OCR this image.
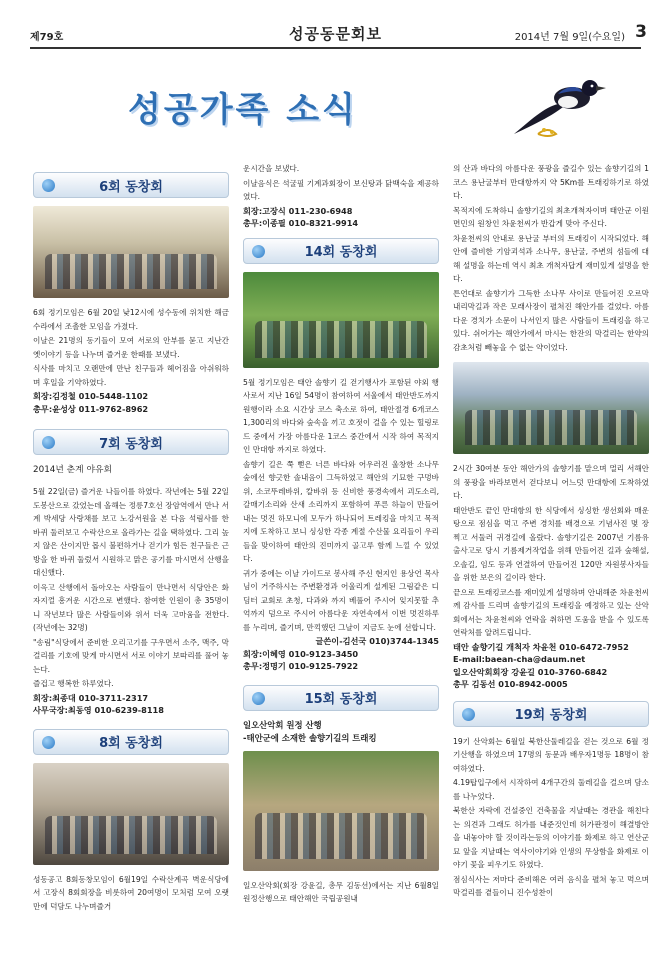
제79호	성공동문회보	2014년 7월 9일(수요일) 3
성공가족 소식
6회 동창회

6회 정기모임은 6월 20일 낮12시에 성수동에 위치한 해금수라에서 조촐한 모임을 가졌다.

이날은 21명의 동기들이 모여 서로의 안부를 묻고 지난간 옛이야기 등을 나누며 즐거운 한때를 보냈다.

식사를 마치고 오랜만에 만난 친구들과 헤어짐을 아쉬워하며 후일을 기약하였다.

회장:김정철 010-5448-1102

총무:윤성상 011-9762-8962

7회 동창회

2014년 춘계 야유회

5월 22일(금) 즐거운 나들이를 하였다. 작년에는 5월 22일 도봉산으로 갔었는데 올해는 정릉7호선 장암역에서 만나 서계 박세당 사랑채를 보고 노강서원을 본 다음 석림사를 한 바퀴 둘러보고 수락산으로 올라가는 길을 택하였다. 그리 높지 않은 산이지만 몹시 불편하거나 걷기가 힘든 친구들은 근방을 한 바퀴 둘렀서 시원하고 맑은 공기를 마시면서 산행을 대신했다.

이윽고 산행에서 돌아오는 사람들이 만나면서 식당안은 화자지껄 흥겨운 시간으로 변했다. 참여한 인원이 총 35명이니 작년보다 많은 사람들이와 위서 더욱 고마움을 전한다.(작년에는 32명)

"송림"식당에서 준비한 오리고기를 구우면서 소주, 맥주, 막걸리를 기호에 맞게 마시면서 서로 이야기 보따리를 풀어 놓는다.

즐겁고 행복한 하루였다.

회장:최종대 010-3711-2317

사무국장:최동영 010-6239-8118

8회 동창회

성동공고 8회동창모임이 6월19일 수락산계곡 벽운식당에서 고장식 8회회장을 비롯하여 20여명이 모처럼 모여 오랫만에 덕담도 나누며즐거

운시간을 보냈다.

이날음식은 석굴필 기계과회장이 보신탕과 닭백숙을 제공하였다.

회장:고장식 011-230-6948

총무:이종필 010-8321-9914

14회 동창회

5월 정기모임은 태안 솔향기 길 걷기행사가 포함된 야외 행사로서 지난 16일 54명이 참여하여 서울에서 태안반도까지 원행이라 소요 시간상 코스 축소로 하여, 태안절경 6개코스 1,300리의 바다와 숲속을 끼고 호젓이 걸을 수 있는 힐링로드 중에서 가장 아름다운 1코스 중간에서 시작 하여 목적지인 만대항 까지로 하였다.

솔향기 길은 쭉 뻗은 너른 바다와 어우러진 울창한 소나무 숲에선 향긋한 솔내음이 그득하였고 해안의 기묘한 구멍바위, 소코뚜레바위, 칼바위 등 신비한 풍경속에서 괴도소리, 갈매기소리와 산새 소리까지 포함하여 푸른 하늘이 만들어 내는 멋진 하모니에 모두가 하나되어 트레킹을 마치고 목적지에 도착하고 보니 싱싱한 각종 계절 수산물 요리들이 우리들을 맞이하여 태안의 진미까지 골고루 함께 느낄 수 있었다.

귀가 중에는 이날 가이드로 봉사해 주신 현지인 용상언 목사님이 거주하시는 주변환경과 어울리게 설계된 그림같은 디딤터 교회로 초청, 다과와 까지 베풀어 주시어 잊지못할 추억까지 덤으로 주시어 아름다운 자연속에서 이번 멋진하루를 누리며, 즐기며, 만끽했던 그날이 지금도 눈에 선합니다.

글쓴이-김선국 010)3744-1345

회장:이혜영 010-9123-3450

총무:정명기 010-9125-7922

15회 동창회

일오산악회 원정 산행

-태안군에 소재한 솔향기길의 트래킹

일오산악회(회장 강윤길, 총무 김동선)에서는 지난 6월8일 원정산행으로 태안해안 국립공원내

의 산과 바다의 아름다운 풍광을 즐길수 있는 솔향기길의 1코스 용난굴부터 만대항까지 약 5Km를 트래킹하기로 하였다.

목적지에 도착하니 솔향기길의 최초개척자이며 태안군 이원면민의 원창인 차윤천씨가 반갑게 맞아 주신다.

차윤천씨의 안내로 용난굴 부터의 트래킹이 시작되었다. 해안에 즐비한 기암괴석과 소나무, 용난굴, 주변의 섬들에 대해 설명을 하는데 역시 최초 개척자답게 재미있게 설명을 한다.

튼언대로 솔향기가 그득한 소나무 사이로 만들어진 오르막 내리막길과 작은 모래사장이 펼쳐진 해안가를 걸었다. 아름다운 경치가 소문이 나서인지 많은 사람들이 트래킹을 하고 있다. 쉬어가는 해안가에서 마시는 한잔의 막걸리는 한약의 감초처럼 빼놓을 수 없는 약이었다.

2시간 30여분 동안 해안가의 솔향기를 맡으며 멀리 서해안의 풍광을 바라보면서 걷다보니 어느덧 만대항에 도착하였다.

태안반도 끝인 만대항의 한 식당에서 싱싱한 생선회와 매운탕으로 점심을 먹고 주변 경치를 배경으로 기념사진 몇 장 찍고 서둘러 귀경길에 올랐다. 솔향기길은 2007년 기름유출사고로 당시 기름제거작업을 위해 만들어진 길과 숲해설, 오솔길, 임도 등과 연결하여 만들어진 120만 자원봉사자들을 위한 보은의 길이라 한다.

끝으로 트래킹코스를 재미있게 설명하며 안내해준 차윤천씨께 감사를 드리며 솔향기길의 트래킹을 예정하고 있는 산악회에서는 차윤천씨와 연락을 취하면 도움을 받을 수 있도록 연락처를 알려드립니다.

태안 솔향기길 개척자 차윤천 010-6472-7952

E-mail:baean-cha@daum.net

일오산악회회장 강윤길 010-3760-6842

총무 김동선 010-8942-0005

19회 동창회

19기 산악회는 6월일 북한산둘레길을 걷는 것으로 6월 정기산행을 하였으며 17명의 동문과 배우자1명등 18명이 참여하였다.

4.19탑입구에서 시작하여 4개구간의 둘레길을 걸으며 담소를 나누었다.

북한산 자락에 건설중인 건축물을 지날때는 경관을 해친다는 의견과 그래도 허가를 내준것인데 허가판정이 해결방안을 내놓아야 할 것이라는등의 이야기를 화제로 하고 연산군묘 앞을 지날때는 역사이야기와 인생의 무상함을 화제로 이야기 꽃을 피우기도 하였다.

점심식사는 저마다 준비해온 여러 음식을 펼쳐 놓고 먹으며 막걸리를 곁들이니 진수성찬이
